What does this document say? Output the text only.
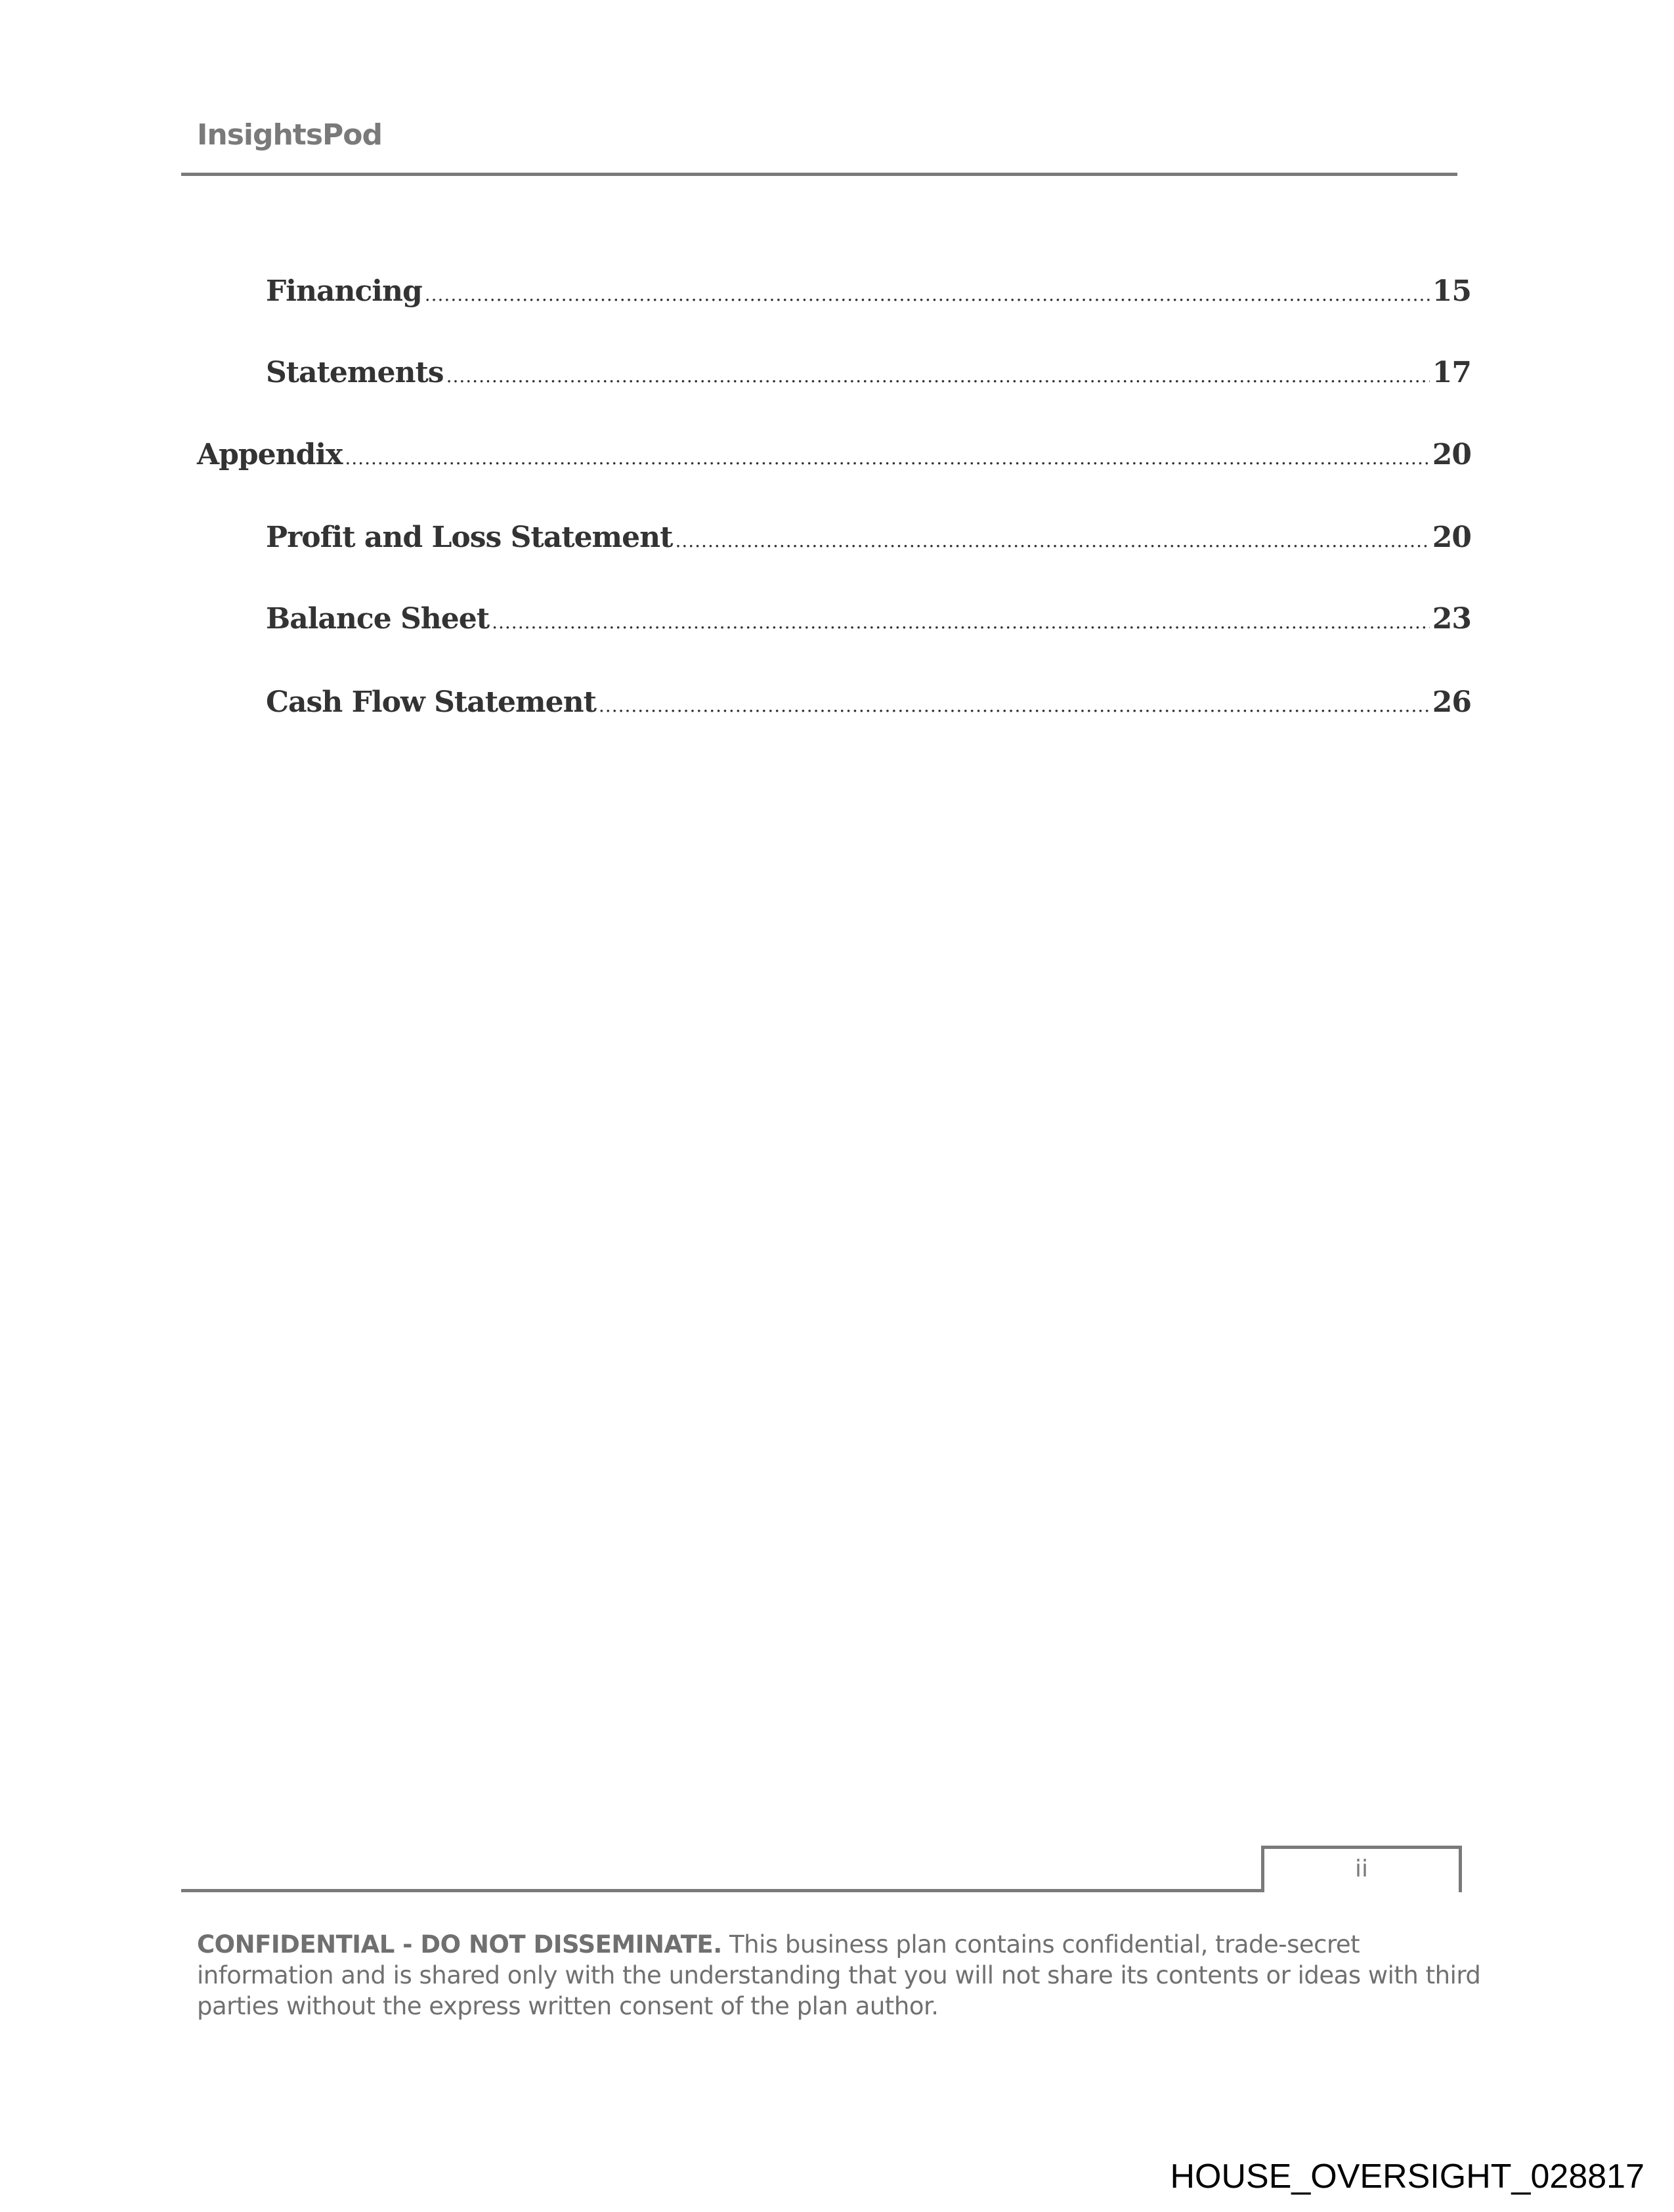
InsightsPod
Financing .....	15
Statements .....	17
Appendix .....	20
Profit and Loss Statement .....	20
Balance Sheet .....	23
Cash Flow Statement .....	26
ii
CONFIDENTIAL - DO NOT DISSEMINATE. This business plan contains confidential, trade-secret information and is shared only with the understanding that you will not share its contents or ideas with third parties without the express written consent of the plan author.
HOUSE_OVERSIGHT_028817
